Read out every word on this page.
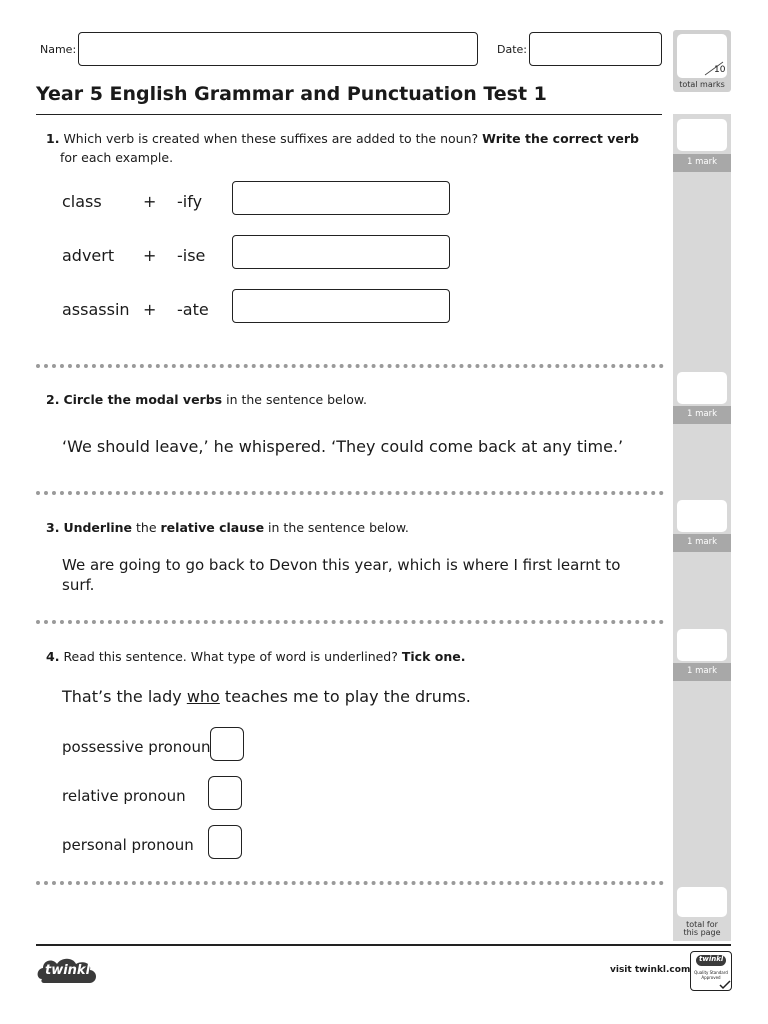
10
total marks
Name:	Date:
Year 5 English Grammar and Punctuation Test 1
1. Which verb is created when these suffixes are added to the noun? Write the correct verb
for each example.	1 mark
class	+ -ify
advert + -ise
assassin + -ate
2. Circle the modal verbs in the sentence below.
‘We should leave,’ he whispered. ‘They could come back at any time.’
1 mark
3. Underline the relative clause in the sentence below.
We are going to go back to Devon this year, which is where I first learnt to
surf.
1 mark
4. Read this sentence. What type of word is underlined? Tick one.
That’s the lady who teaches me to play the drums.
possessive pronoun
relative pronoun
personal pronoun
1 mark
total for
this page
twinkl	visit twinkl.com
twinkl
Quality Standard
Approved
